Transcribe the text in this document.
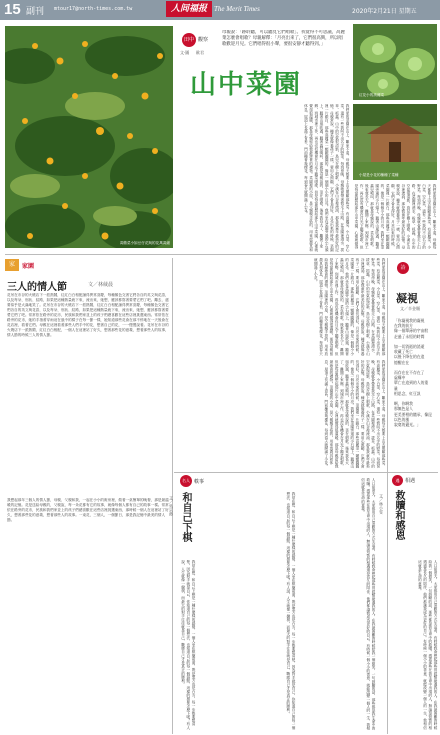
15 副刊 mtour17@north-times.com.tw	人间福报	The Merit Times	2020年2月21日 星期五
黃鶴菜小如豆仔花與的花萬黃細
田中 觀察
文‧圖 歐君
母親說：「跡聆聽，可以聽見它們唱歌」。我覺得不可思議，高麗菜怎麼會唱歌？母親解釋：「月亮出來了，它們很高興，所以唱歌歡迎月兒。它們唱得很小聲，要很安靜才聽得到。」
山中菜園	紅花小的高麗菜
小屋是小花的種種了菜種
我們家的菜園在山上，離家不遠，母親每天都要上山去照顧那些菜，有高麗菜、小白菜、空心菜，還有一些我叫不出名字的野菜。每到傍晚，母親就會帶著我走上山路，在菜園裡澆水、拔草、抓蟲。山中的空氣很清新，鳥兒在樹上唱歌，小溪在山谷裡流淌，那是我童年最美好的記憶。母親常說，種菜就像養孩子一樣，要用心照顧，它們才會長得好。月亮出來的時候，菜園裡一片銀白，那些高麗菜一顆顆圓圓的，像是一個個小小的月亮。我們坐在菜園旁邊的小石頭上，聽著山風吹過，聽著蟲兒鳴叫，那就是母親說的，菜在唱歌。後來我長大了，離開了家鄉，到城市裡工作，再也沒有機會在月光下聽菜唱歌，但是每當我想起那片山中菜園，心裡就覺得很溫暖，那是母親留給我最珍貴的禮物。菜園裡的小屋，是父親親手搭的，用來放農具和休息，屋頂上長滿了青苔，門前種著幾棵花，每到春天就開滿了小花。	我們家的菜園在山上，離家不遠，母親每天都要上山去照顧那些菜，有高麗菜、小白菜、空心菜，還有一些我叫不出名字的野菜。每到傍晚，母親就會帶著我走上山路，在菜園裡澆水、拔草、抓蟲。山中的空氣很清新，鳥兒在樹上唱歌，小溪在山谷裡流淌，那是我童年最美好的記憶。母親常說，種菜就像養孩子一樣，要用心照顧，它們才會長得好。月亮出來的時候，菜園裡一片銀白，那些高麗菜一顆顆圓圓的，像是一個個小小的月亮。我們坐在菜園旁邊的小石頭上，聽著山風吹過，聽著蟲兒鳴叫，那就是母親說的，菜在唱歌。後來我長大了，離開了家鄉，到城市裡工作，再也沒有機會在月光下聽菜唱歌，但是每當我想起那片山中菜園，心裡就覺得
我們家的菜園在山上，離家不遠，母親每天都要上山去照顧那些菜，有高麗菜、小白菜、空心菜，還有一些我叫不出名字的野菜。每到傍晚，母親就會帶著我走上山路，在菜園裡澆水、拔草、抓蟲。山中的空氣很清新，鳥兒在樹上唱歌，小溪在山谷裡流淌，那是我童年最美好的記憶。母親常說，種菜就像養孩子一樣，要用心照顧，它們才會長得好。月亮出來的時候，菜園裡一片銀白，那些高麗菜一顆顆圓圓的，像是一個個小小的月亮。我們坐在菜園旁邊的小石頭上，聽著山風吹過，聽著蟲兒鳴叫，那就是母親說的，菜在唱歌。後來我長大了，離開了家鄉，到城市裡工作，再也沒有機會在月光下聽菜唱歌，但是每當我想起那片山中菜園，心裡就覺得很溫暖，那是母親留給我最珍貴的禮物。菜園裡的小屋，是父親親手搭的，用來放農具和休息，屋頂上長滿了青苔，門前種著幾棵花，每到春天就開滿了小花。
我們家的菜園在山上，離家不遠，母親每天都要上山去照顧那些菜，有高麗菜、小白菜、空心菜，還有一些我叫不出名字的野菜。每到傍晚，母親就會帶著我走上山路，在菜園裡澆水、拔草、抓蟲。山中的空氣很清新，鳥兒在樹上唱歌，小溪在山谷裡流淌，那是我童年最美好的記憶。母親常說，種菜就像養孩子一樣，要用心照顧，它們才會長得好。月亮出來的時候，菜園裡一片銀白，那些高麗菜一顆顆圓圓的，像是一個個小小的月亮。我們坐在菜園旁邊的小石頭上，聽著山風吹過，聽著蟲兒鳴叫，那就是母親說的，菜在唱歌。後來我長大了，離開了家鄉，到城市裡工作，再也沒有機會在月光下聽菜唱歌，但是每當我想起那片山中菜園，心裡就覺得很溫暖，那是母親留給我最珍貴的禮物。菜園裡的小屋，是父親親手搭的，用來放農具和休息，屋頂上長滿了青苔，門前種著幾棵花，每到春天就開滿了小花。
家	家園
三人的情人節	文／林葳晨
花吊在市谷的火燒店下一派熱鬧，紅紅白白相配誦得異常喜慶，每種顏色交著它們各自的英文與花語，以及每朵、形狀、紋路，如果把這種熱量統下來，流出來，她想，應該都寫著要愛它們了吧。離去，還要似乎是大滿地笑了。花吊在市谷的火燒店下一派熱鬧，紅紅白白相配誦得異常喜慶，每種顏色交著它們各自的英文與花語，以及每朵、形狀、紋路，如果把這種熱量統下來，流出來，她想，應該都寫著要愛它們了吧。常常依在路旁的花市，民族和我們家並上的孩子們總喜歡在這些店裡挑選東西。常常依在路旁的花市，她的手指著穿雨這在風中的樣子在每一節一樣，她知道那些花會在那不停地在一天後會在花店裡，看著它們。母親在這裡看著那些人們手中的花，想著自己的花，一一慢慢說著。花吊在市谷的火燒店下一派熱鬧，紅紅白白相配，一個人在這裡站了好久，想著那些花的意義，想著那些人的故事，情人節的時候三人的情人節。
我想起那年三個人的情人節，母親、父親和我，一起在小小的廚房裡，做著一桌簡單的晚餐，那是最溫暖的記憶。花是送給母親的，父親說，每一朵花都有它的故事，就像每個人都有自己的故事一樣。常常依在路旁的花市，民族和我們家並上的孩子們總喜歡在這些店裡挑選東西，那時候一個人在這裡站了好久，想著那些花的意義，想著那些人的故事。一束花，三個人，一個節日，那是我記憶中最美的情人節。
詩
凝視
文／辛金順
「你凝視我的凝視
在我的前方
像一個單薄的宇宙般
走過了永恆的時間
如一切消逝的消逝
收藏了死亡
以後下降在的在追
憶醒在在
而存在在不存在了
虛構中
單亡在追到的人的重
量
相思念，紅豆訊
啊，你啊我
那無色是人
更美要相的隨承，像昆
以色的風
寂寞的遺光。」
遇	相遇
救贖和感恩
文／林小雯
人口密度大，大家都用自己喜歡的方式生活著，有時候我會想起那些曾經幫助過我的人，在我最困難的時候給我一個微笑，一句鼓勵的話，那些都是我生命中的救贖。感恩那些在我生命中出現的人，無論是短暫的相遇還是長久的陪伴，他們都讓我成為更好的自己。有時候一個小小的善意，就能改變一個人的一生，我相信這就是生命的意義。
人口密度大，大家都用自己喜歡的方式生活著，有時候我會想起那些曾經幫助過我的人，在我最困難的時候給我一個微笑，一句鼓勵的話，那些都是我生命中的救贖。感恩那些在我生命中出現的人，無論是短暫的相遇還是長久的陪伴，他們都讓我成為更好的自己。有時候一個小小的善意，就能改變一個人的一生，我相信這就是生命的意義。
名人 軼事
和自己下棋
文／吳宗蒔	我常在想，和自己下棋是一種什麼樣的感覺，一個人坐在棋盤前面，既是黑方也是白方，每一步都要想清楚，因為對手就是自己，你知道自己的每一個想法，也知道自己的每一個弱點，這樣的棋要怎麼下呢？有人說，人生就像一盤棋，而最大的對手往往就是自己，戰勝自己才是真正的勝利。
我常在想，和自己下棋是一種什麼樣的感覺，一個人坐在棋盤前面，既是黑方也是白方，每一步都要想清楚，因為對手就是自己，你知道自己的每一個想法，也知道自己的每一個弱點，這樣的棋要怎麼下呢？有人說，人生就像一盤棋，而最大的對手往往就是自己，戰勝自己才是真正的勝利。
